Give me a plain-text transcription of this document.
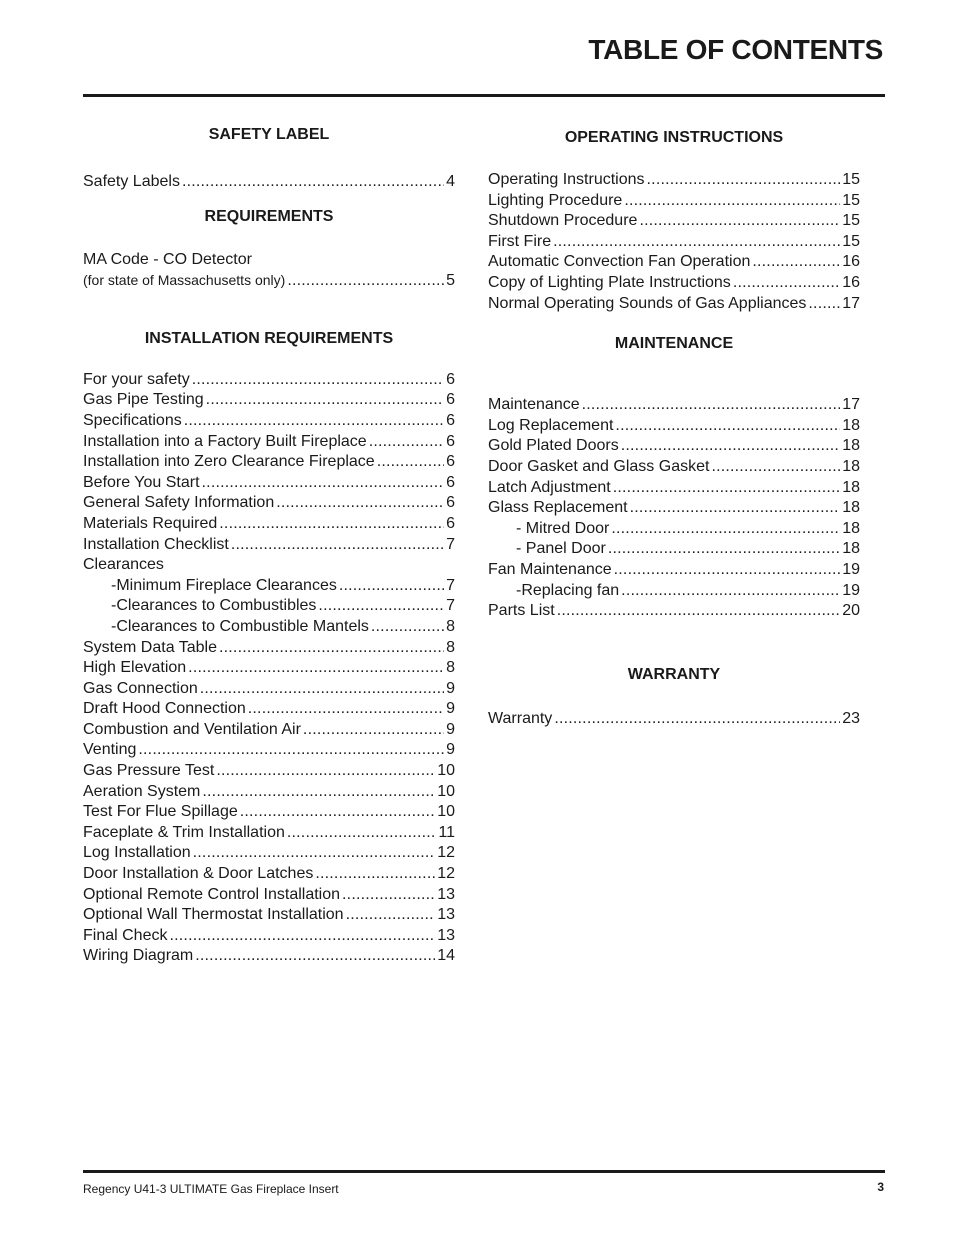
TABLE OF CONTENTS
SAFETY LABEL
Safety Labels .....	4
REQUIREMENTS
MA Code - CO Detector
(for state of Massachusetts only) .....	5
INSTALLATION REQUIREMENTS
For your safety .....	6
Gas Pipe Testing .....	6
Specifications .....	6
Installation into a Factory Built Fireplace .....	6
Installation into Zero Clearance Fireplace .....	6
Before You Start .....	6
General Safety Information .....	6
Materials Required .....	6
Installation Checklist .....	7
Clearances
-Minimum Fireplace Clearances .....	7
-Clearances to Combustibles .....	7
-Clearances to Combustible Mantels .....	8
System Data Table .....	8
High Elevation .....	8
Gas Connection .....	9
Draft Hood Connection .....	9
Combustion and Ventilation Air .....	9
Venting .....	9
Gas Pressure Test .....	10
Aeration System .....	10
Test For Flue Spillage .....	10
Faceplate & Trim Installation .....	11
Log Installation .....	12
Door Installation & Door Latches .....	12
Optional Remote Control Installation .....	13
Optional Wall Thermostat Installation .....	13
Final Check .....	13
Wiring Diagram .....	14
OPERATING INSTRUCTIONS
Operating Instructions .....	15
Lighting Procedure .....	15
Shutdown Procedure .....	15
First Fire .....	15
Automatic Convection Fan Operation .....	16
Copy of Lighting Plate Instructions .....	16
Normal Operating Sounds of Gas Appliances ..... 17
MAINTENANCE
Maintenance .....	17
Log Replacement .....	18
Gold Plated Doors .....	18
Door Gasket and Glass Gasket .....	18
Latch Adjustment .....	18
Glass Replacement .....	18
- Mitred Door .....	18
- Panel Door .....	18
Fan Maintenance .....	19
-Replacing fan .....	19
Parts List .....	20
WARRANTY
Warranty .....	23
Regency U41-3 ULTIMATE Gas Fireplace Insert	3
